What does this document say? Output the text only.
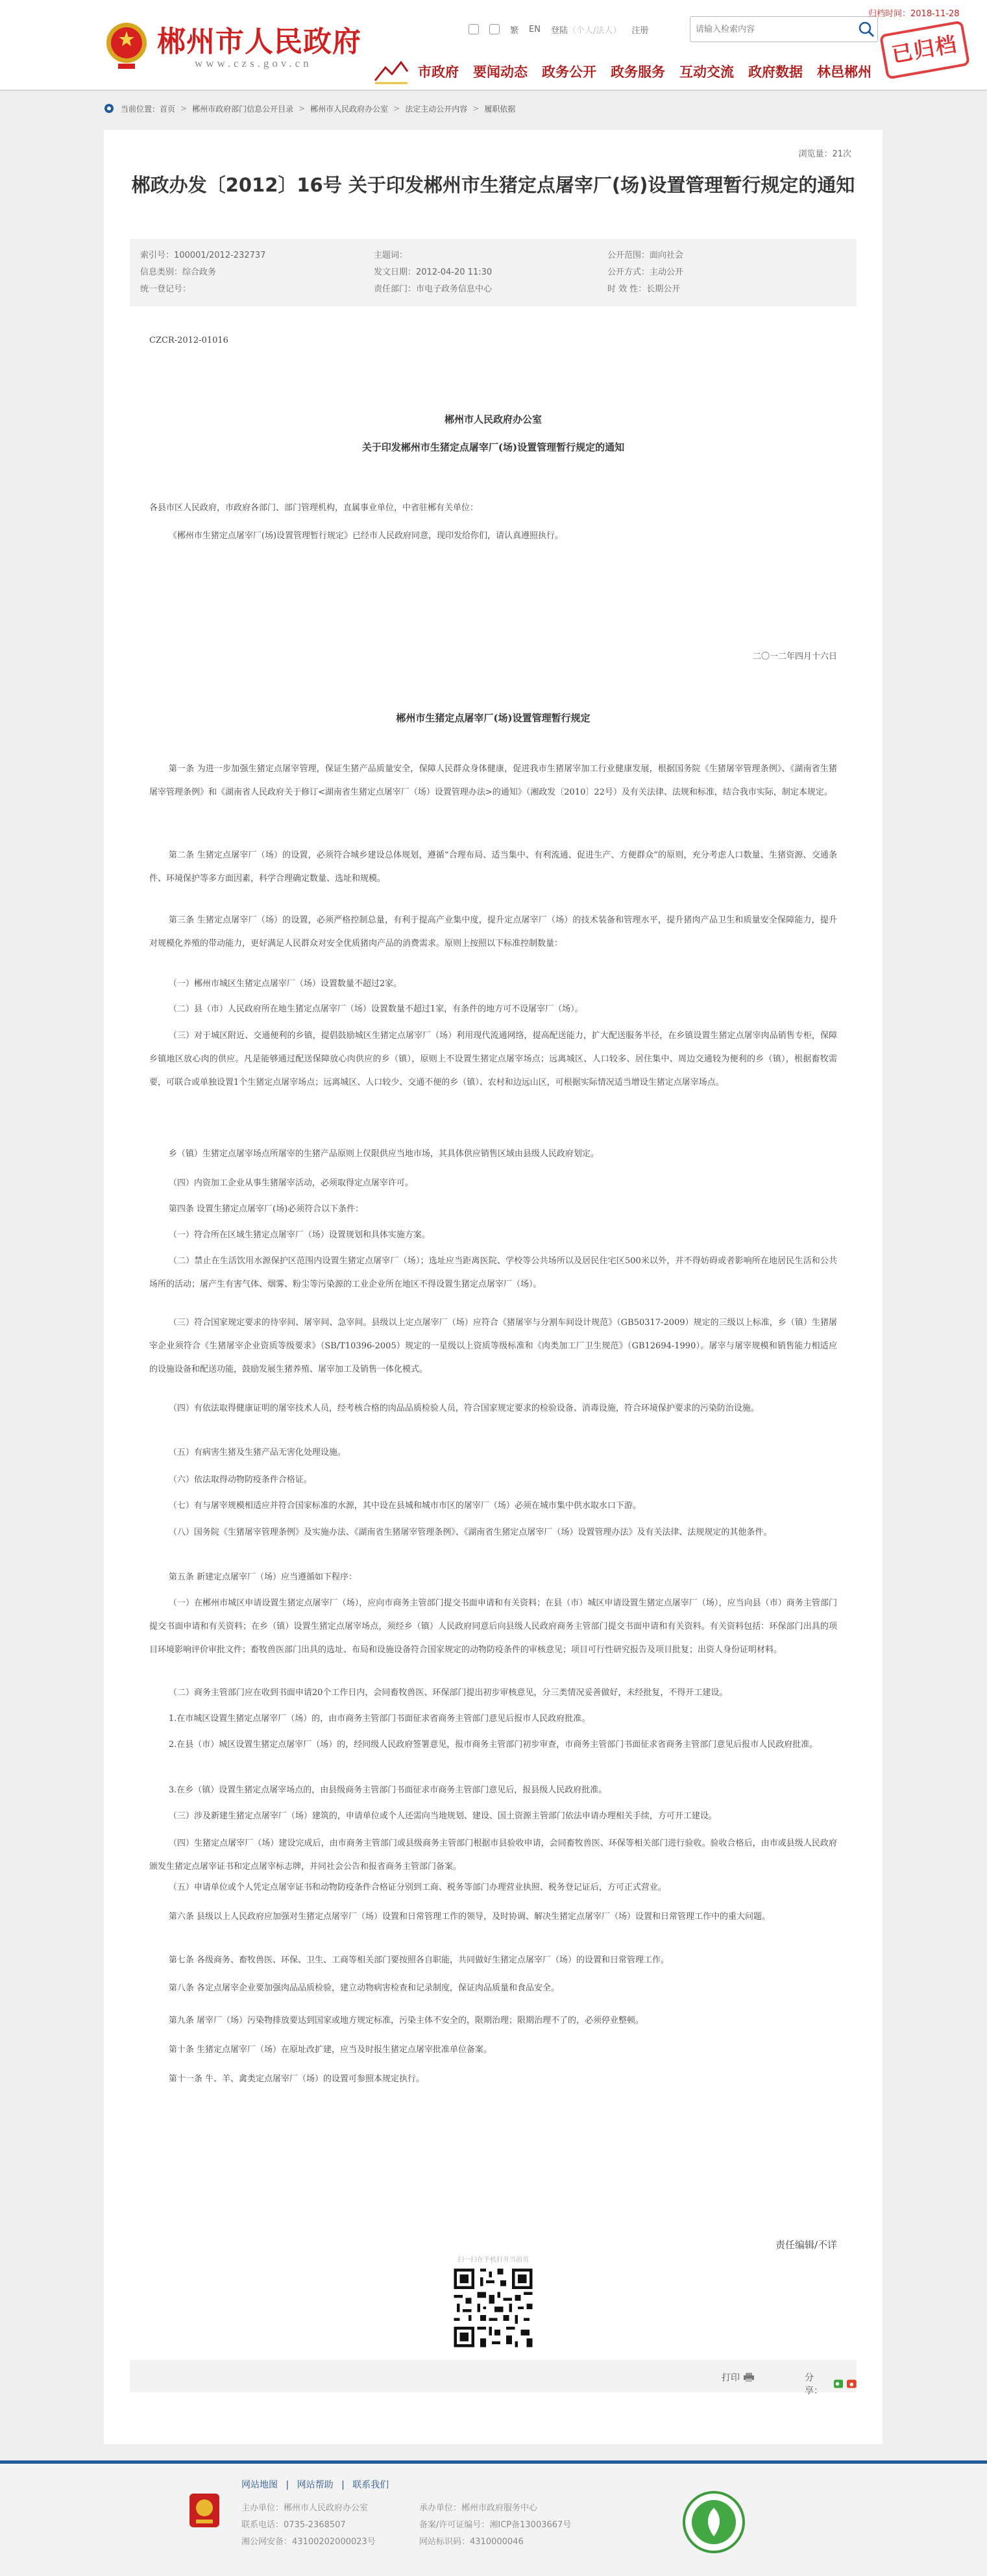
郴州市人民政府
www.czs.gov.cn
繁 EN 登陆（个人/法人） 注册
请输入检索内容
归档时间：2018-11-28
已归档
市政府 要闻动态 政务公开 政务服务 互动交流 政府数据 林邑郴州
当前位置： 首页 > 郴州市政府部门信息公开目录 > 郴州市人民政府办公室 > 法定主动公开内容 > 履职依据
浏览量：21次
郴政办发〔2012〕16号 关于印发郴州市生猪定点屠宰厂(场)设置管理暂行规定的通知
索引号：100001/2012-232737
信息类别：综合政务
统一登记号：
主题词：
发文日期：2012-04-20 11:30
责任部门：市电子政务信息中心
公开范围：面向社会
公开方式：主动公开
时 效 性：长期公开
CZCR-2012-01016
郴州市人民政府办公室
关于印发郴州市生猪定点屠宰厂(场)设置管理暂行规定的通知
各县市区人民政府，市政府各部门、部门管理机构，直属事业单位，中省驻郴有关单位：
《郴州市生猪定点屠宰厂(场)设置管理暂行规定》已经市人民政府同意，现印发给你们，请认真遵照执行。
二〇一二年四月十六日
郴州市生猪定点屠宰厂(场)设置管理暂行规定
第一条 为进一步加强生猪定点屠宰管理，保证生猪产品质量安全，保障人民群众身体健康，促进我市生猪屠宰加工行业健康发展，根据国务院《生猪屠宰管理条例》、《湖南省生猪屠宰管理条例》和《湖南省人民政府关于修订<湖南省生猪定点屠宰厂（场）设置管理办法>的通知》（湘政发〔2010〕22号）及有关法律、法规和标准，结合我市实际，制定本规定。
第二条 生猪定点屠宰厂（场）的设置，必须符合城乡建设总体规划，遵循“合理布局、适当集中、有利流通、促进生产、方便群众”的原则，充分考虑人口数量、生猪资源、交通条件、环境保护等多方面因素，科学合理确定数量、选址和规模。
第三条 生猪定点屠宰厂（场）的设置，必须严格控制总量，有利于提高产业集中度，提升定点屠宰厂（场）的技术装备和管理水平，提升猪肉产品卫生和质量安全保障能力，提升对规模化养殖的带动能力，更好满足人民群众对安全优质猪肉产品的消费需求。原则上按照以下标准控制数量：
（一）郴州市城区生猪定点屠宰厂（场）设置数量不超过2家。
（二）县（市）人民政府所在地生猪定点屠宰厂（场）设置数量不超过1家，有条件的地方可不设屠宰厂（场）。
（三）对于城区附近、交通便利的乡镇，提倡鼓励城区生猪定点屠宰厂（场）利用现代流通网络，提高配送能力，扩大配送服务半径，在乡镇设置生猪定点屠宰肉品销售专柜，保障乡镇地区放心肉的供应。凡是能够通过配送保障放心肉供应的乡（镇），原则上不设置生猪定点屠宰场点；远离城区、人口较多、居住集中、周边交通较为便利的乡（镇），根据畜牧需要，可联合或单独设置1个生猪定点屠宰场点；远离城区、人口较少、交通不便的乡（镇）、农村和边远山区，可根据实际情况适当增设生猪定点屠宰场点。
乡（镇）生猪定点屠宰场点所屠宰的生猪产品原则上仅限供应当地市场，其具体供应销售区域由县级人民政府划定。
（四）内资加工企业从事生猪屠宰活动，必须取得定点屠宰许可。
第四条 设置生猪定点屠宰厂(场)必须符合以下条件：
（一）符合所在区域生猪定点屠宰厂（场）设置规划和具体实施方案。
（二）禁止在生活饮用水源保护区范围内设置生猪定点屠宰厂（场）；选址应当距离医院、学校等公共场所以及居民住宅区500米以外，并不得妨碍或者影响所在地居民生活和公共场所的活动；屠产生有害气体、烟雾、粉尘等污染源的工业企业所在地区不得设置生猪定点屠宰厂（场）。
（三）符合国家规定要求的待宰间、屠宰间、急宰间。县级以上定点屠宰厂（场）应符合《猪屠宰与分割车间设计规范》（GB50317-2009）规定的三级以上标准，乡（镇）生猪屠宰企业须符合《生猪屠宰企业资质等级要求》（SB/T10396-2005）规定的一星级以上资质等级标准和《肉类加工厂卫生规范》（GB12694-1990）。屠宰与屠宰规模和销售能力相适应的设施设备和配送功能，鼓励发展生猪养殖、屠宰加工及销售一体化模式。
（四）有依法取得健康证明的屠宰技术人员，经考核合格的肉品品质检验人员，符合国家规定要求的检验设备、消毒设施，符合环境保护要求的污染防治设施。
（五）有病害生猪及生猪产品无害化处理设施。
（六）依法取得动物防疫条件合格证。
（七）有与屠宰规模相适应并符合国家标准的水源，其中设在县城和城市市区的屠宰厂（场）必须在城市集中供水取水口下游。
（八）国务院《生猪屠宰管理条例》及实施办法、《湖南省生猪屠宰管理条例》、《湖南省生猪定点屠宰厂（场）设置管理办法》及有关法律、法规规定的其他条件。
第五条 新建定点屠宰厂（场）应当遵循如下程序：
（一）在郴州市城区申请设置生猪定点屠宰厂（场），应向市商务主管部门提交书面申请和有关资料；在县（市）城区申请设置生猪定点屠宰厂（场），应当向县（市）商务主管部门提交书面申请和有关资料；在乡（镇）设置生猪定点屠宰场点，须经乡（镇）人民政府同意后向县级人民政府商务主管部门提交书面申请和有关资料。有关资料包括：环保部门出具的项目环境影响评价审批文件；畜牧兽医部门出具的选址、布局和设施设备符合国家规定的动物防疫条件的审核意见；项目可行性研究报告及项目批复；出资人身份证明材料。
（二）商务主管部门应在收到书面申请20个工作日内，会同畜牧兽医、环保部门提出初步审核意见，分三类情况妥善做好，未经批复，不得开工建设。
1.在市城区设置生猪定点屠宰厂（场）的，由市商务主管部门书面征求省商务主管部门意见后报市人民政府批准。
2.在县（市）城区设置生猪定点屠宰厂（场）的，经同级人民政府签署意见，报市商务主管部门初步审查，市商务主管部门书面征求省商务主管部门意见后报市人民政府批准。
3.在乡（镇）设置生猪定点屠宰场点的，由县级商务主管部门书面征求市商务主管部门意见后，报县级人民政府批准。
（三）涉及新建生猪定点屠宰厂（场）建筑的，申请单位或个人还需向当地规划、建设、国土资源主管部门依法申请办理相关手续，方可开工建设。
（四）生猪定点屠宰厂（场）建设完成后，由市商务主管部门或县级商务主管部门根据市县验收申请，会同畜牧兽医、环保等相关部门进行验收。验收合格后，由市或县级人民政府颁发生猪定点屠宰证书和定点屠宰标志牌，并同社会公告和报省商务主管部门备案。
（五）申请单位或个人凭定点屠宰证书和动物防疫条件合格证分别到工商、税务等部门办理营业执照、税务登记证后，方可正式营业。
第六条 县级以上人民政府应加强对生猪定点屠宰厂（场）设置和日常管理工作的领导，及时协调、解决生猪定点屠宰厂（场）设置和日常管理工作中的重大问题。
第七条 各级商务、畜牧兽医、环保、卫生、工商等相关部门要按照各自职能，共同做好生猪定点屠宰厂（场）的设置和日常管理工作。
第八条 各定点屠宰企业要加强肉品品质检验，建立动物病害检查和记录制度，保证肉品质量和食品安全。
第九条 屠宰厂（场）污染物排放要达到国家或地方规定标准，污染主体不安全的，限期治理；限期治理不了的，必须停业整顿。
第十条 生猪定点屠宰厂（场）在原址改扩建，应当及时报生猪定点屠宰批准单位备案。
第十一条 牛、羊、禽类定点屠宰厂（场）的设置可参照本规定执行。
责任编辑/不详
扫一扫在手机打开当前页
打印	分享：
网站地图 | 网站帮助 | 联系我们
主办单位：郴州市人民政府办公室
联系电话：0735-2368507
湘公网安备：43100202000023号
承办单位：郴州市政府服务中心
备案/许可证编号：湘ICP备13003667号
网站标识码：4310000046
